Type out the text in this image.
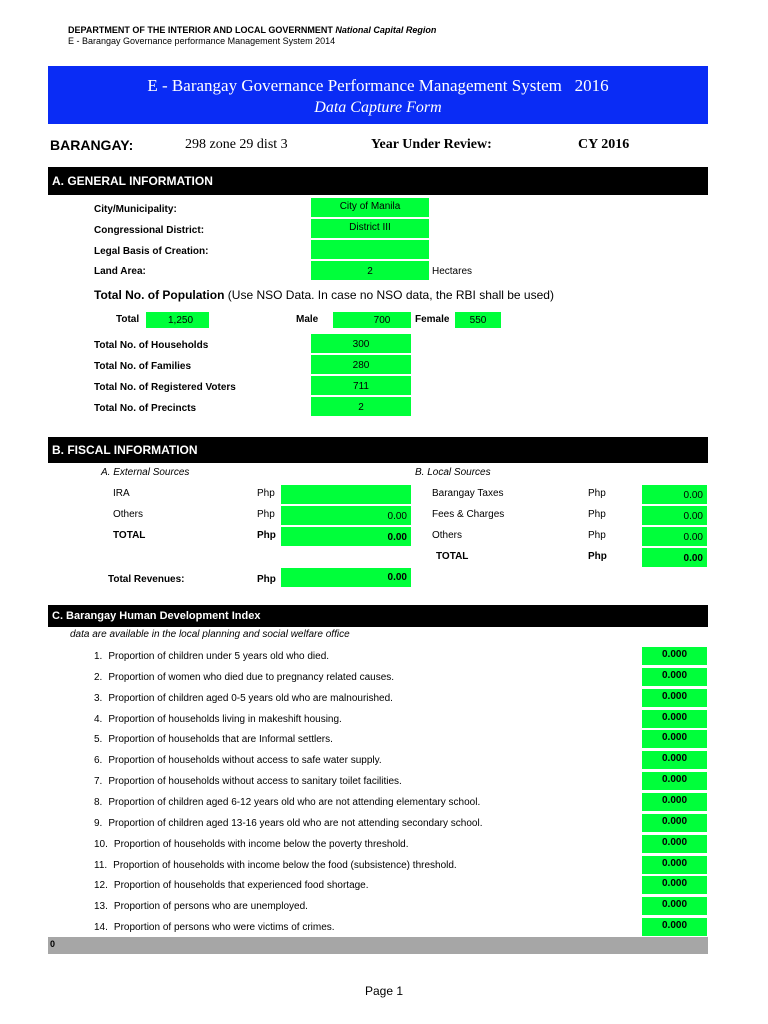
DEPARTMENT OF THE INTERIOR AND LOCAL GOVERNMENT National Capital Region
E - Barangay Governance performance Management System 2014
E - Barangay Governance Performance Management System 2016
Data Capture Form
BARANGAY:	298 zone 29 dist 3	Year Under Review:	CY 2016
A. GENERAL INFORMATION
City/Municipality:	City of Manila
Congressional District:	District III
Legal Basis of Creation:
Land Area:	2	Hectares
Total No. of Population (Use NSO Data. In case no NSO data, the RBI shall be used)
Total	1,250	Male	700	Female	550
Total No. of Households	300
Total No. of Families	280
Total No. of Registered Voters	711
Total No. of Precincts	2
B. FISCAL INFORMATION
A. External Sources	B. Local Sources
IRA	Php
Others	Php	0.00
TOTAL	Php	0.00
Barangay Taxes	Php	0.00
Fees & Charges	Php	0.00
Others	Php	0.00
TOTAL	Php	0.00
Total Revenues:	Php	0.00
C. Barangay Human Development Index
data are available in the local planning and social welfare office
1. Proportion of children under 5 years old who died.	0.000
2. Proportion of women who died due to pregnancy related causes.	0.000
3. Proportion of children aged 0-5 years old who are malnourished.	0.000
4. Proportion of households living in makeshift housing.	0.000
5. Proportion of households that are Informal settlers.	0.000
6. Proportion of households without access to safe water supply.	0.000
7. Proportion of households without access to sanitary toilet facilities.	0.000
8. Proportion of children aged 6-12 years old who are not attending elementary school.	0.000
9. Proportion of children aged 13-16 years old who are not attending secondary school.	0.000
10. Proportion of households with income below the poverty threshold.	0.000
11. Proportion of households with income below the food (subsistence) threshold.	0.000
12. Proportion of households that experienced food shortage.	0.000
13. Proportion of persons who are unemployed.	0.000
14. Proportion of persons who were victims of crimes.	0.000
0
Page 1
